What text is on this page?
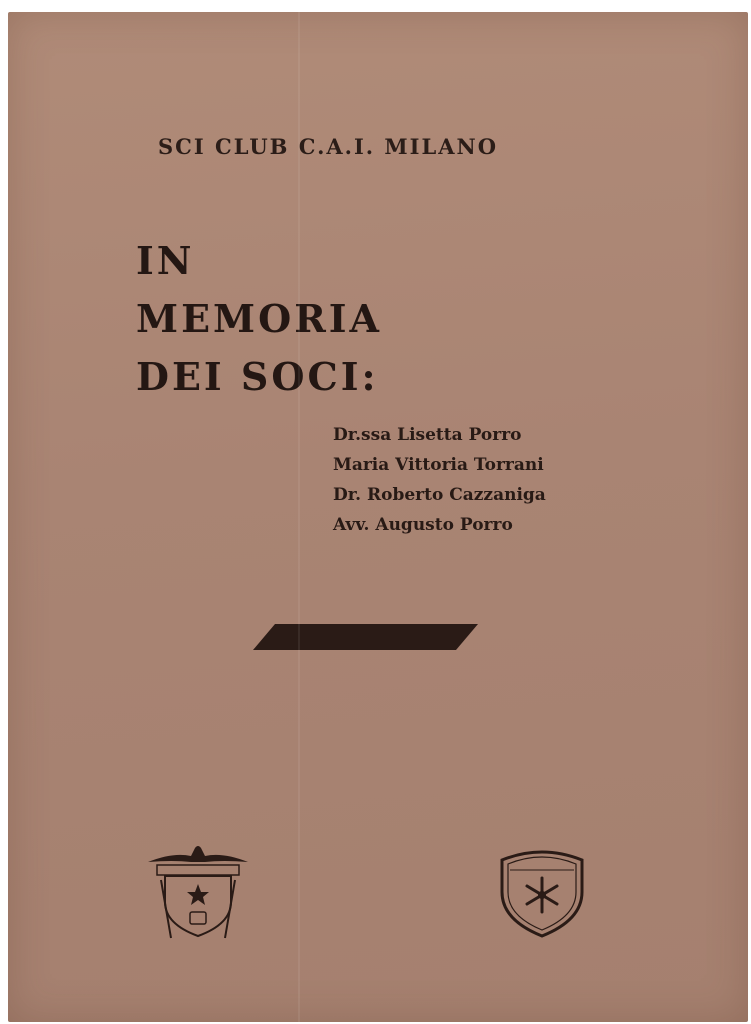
SCI CLUB C.A.I. MILANO
IN
MEMORIA
DEI SOCI:
Dr.ssa Lisetta Porro
Maria Vittoria Torrani
Dr. Roberto Cazzaniga
Avv. Augusto Porro
